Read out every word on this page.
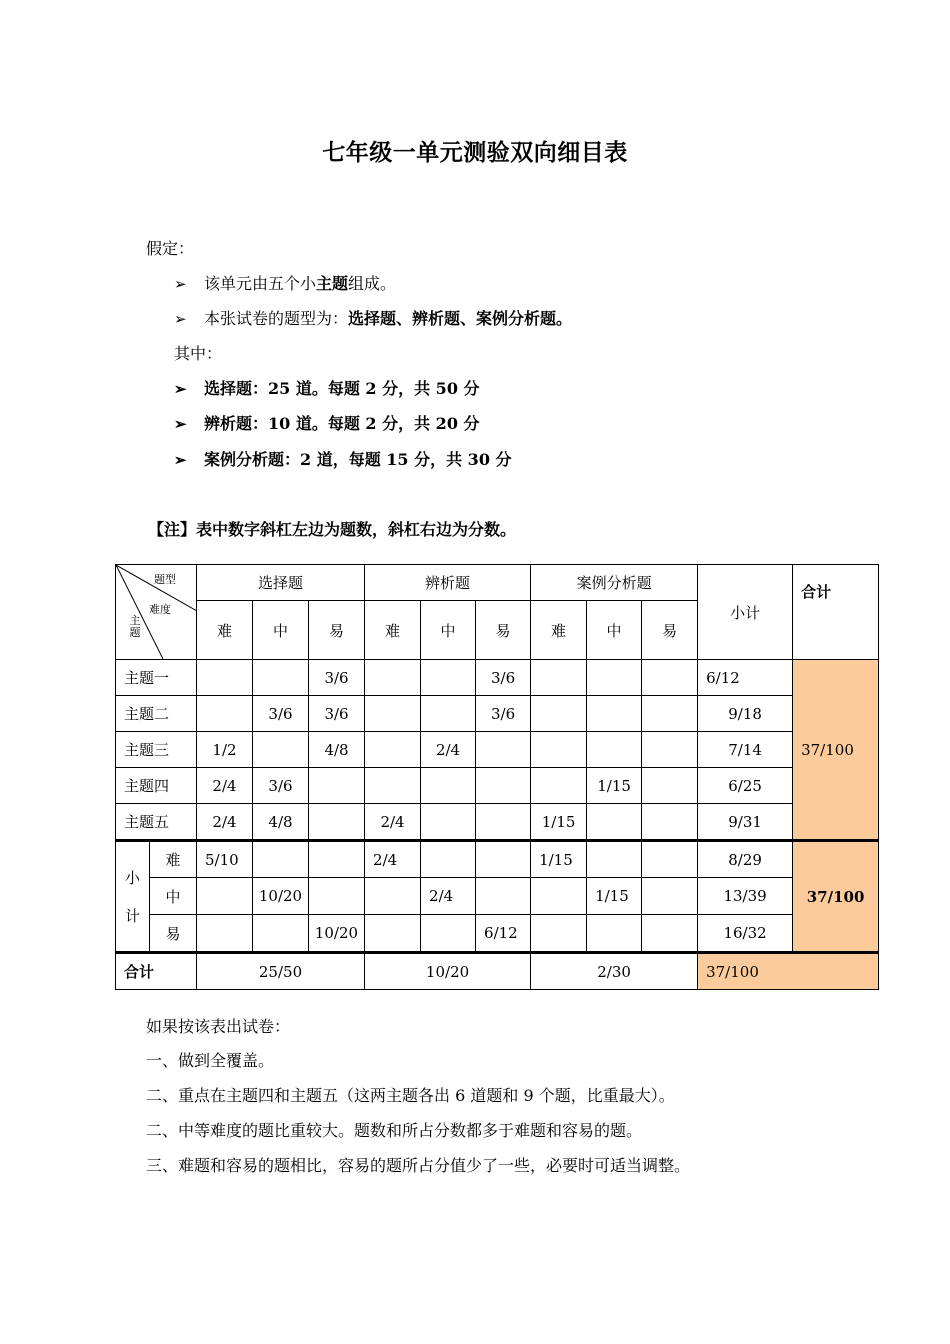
七年级一单元测验双向细目表
假定：
➢ 该单元由五个小主题组成。
➢ 本张试卷的题型为：选择题、辨析题、案例分析题。
其中：
➢ 选择题：25 道。每题 2 分，共 50 分
➢ 辨析题：10 道。每题 2 分，共 20 分
➢ 案例分析题：2 道，每题 15 分，共 30 分
【注】表中数字斜杠左边为题数，斜杠右边为分数。
题型
难度
主题		选择题			辨析题			案例分析题			小计	合计
		难	中	易	难	中	易	难	中	易		
主题一				3/6			3/6				6/12	37/100
主题二			3/6	3/6			3/6				9/18	
主题三		1/2		4/8		2/4					7/14	
主题四		2/4	3/6						1/15		6/25	
主题五		2/4	4/8		2/4			1/15			9/31	
小
计	难	5/10			2/4			1/15			8/29	37/100
	中		10/20			2/4			1/15		13/39	
	易			10/20			6/12				16/32	
合计		25/50			10/20			2/30			37/100	
如果按该表出试卷：
一、做到全覆盖。
二、重点在主题四和主题五（这两主题各出 6 道题和 9 个题，比重最大）。
二、中等难度的题比重较大。题数和所占分数都多于难题和容易的题。
三、难题和容易的题相比，容易的题所占分值少了一些，必要时可适当调整。
